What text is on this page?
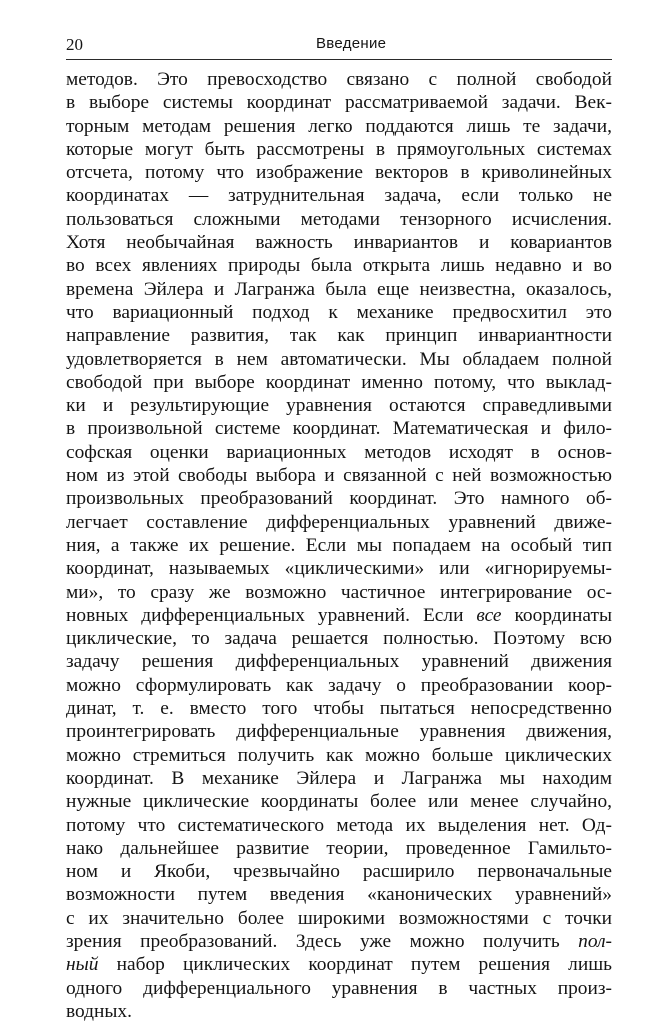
20	Введение
методов. Это превосходство связано с полной свободой
в выборе системы координат рассматриваемой задачи. Век-
торным методам решения легко поддаются лишь те задачи,
которые могут быть рассмотрены в прямоугольных системах
отсчета, потому что изображение векторов в криволинейных
координатах — затруднительная задача, если только не
пользоваться сложными методами тензорного исчисления.
Хотя необычайная важность инвариантов и ковариантов
во всех явлениях природы была открыта лишь недавно и во
времена Эйлера и Лагранжа была еще неизвестна, оказалось,
что вариационный подход к механике предвосхитил это
направление развития, так как принцип инвариантности
удовлетворяется в нем автоматически. Мы обладаем полной
свободой при выборе координат именно потому, что выклад-
ки и результирующие уравнения остаются справедливыми
в произвольной системе координат. Математическая и фило-
софская оценки вариационных методов исходят в основ-
ном из этой свободы выбора и связанной с ней возможностью
произвольных преобразований координат. Это намного об-
легчает составление дифференциальных уравнений движе-
ния, а также их решение. Если мы попадаем на особый тип
координат, называемых «циклическими» или «игнорируемы-
ми», то сразу же возможно частичное интегрирование ос-
новных дифференциальных уравнений. Если все координаты
циклические, то задача решается полностью. Поэтому всю
задачу решения дифференциальных уравнений движения
можно сформулировать как задачу о преобразовании коор-
динат, т. е. вместо того чтобы пытаться непосредственно
проинтегрировать дифференциальные уравнения движения,
можно стремиться получить как можно больше циклических
координат. В механике Эйлера и Лагранжа мы находим
нужные циклические координаты более или менее случайно,
потому что систематического метода их выделения нет. Од-
нако дальнейшее развитие теории, проведенное Гамильто-
ном и Якоби, чрезвычайно расширило первоначальные
возможности путем введения «канонических уравнений»
с их значительно более широкими возможностями с точки
зрения преобразований. Здесь уже можно получить пол-
ный набор циклических координат путем решения лишь
одного дифференциального уравнения в частных произ-
водных.
